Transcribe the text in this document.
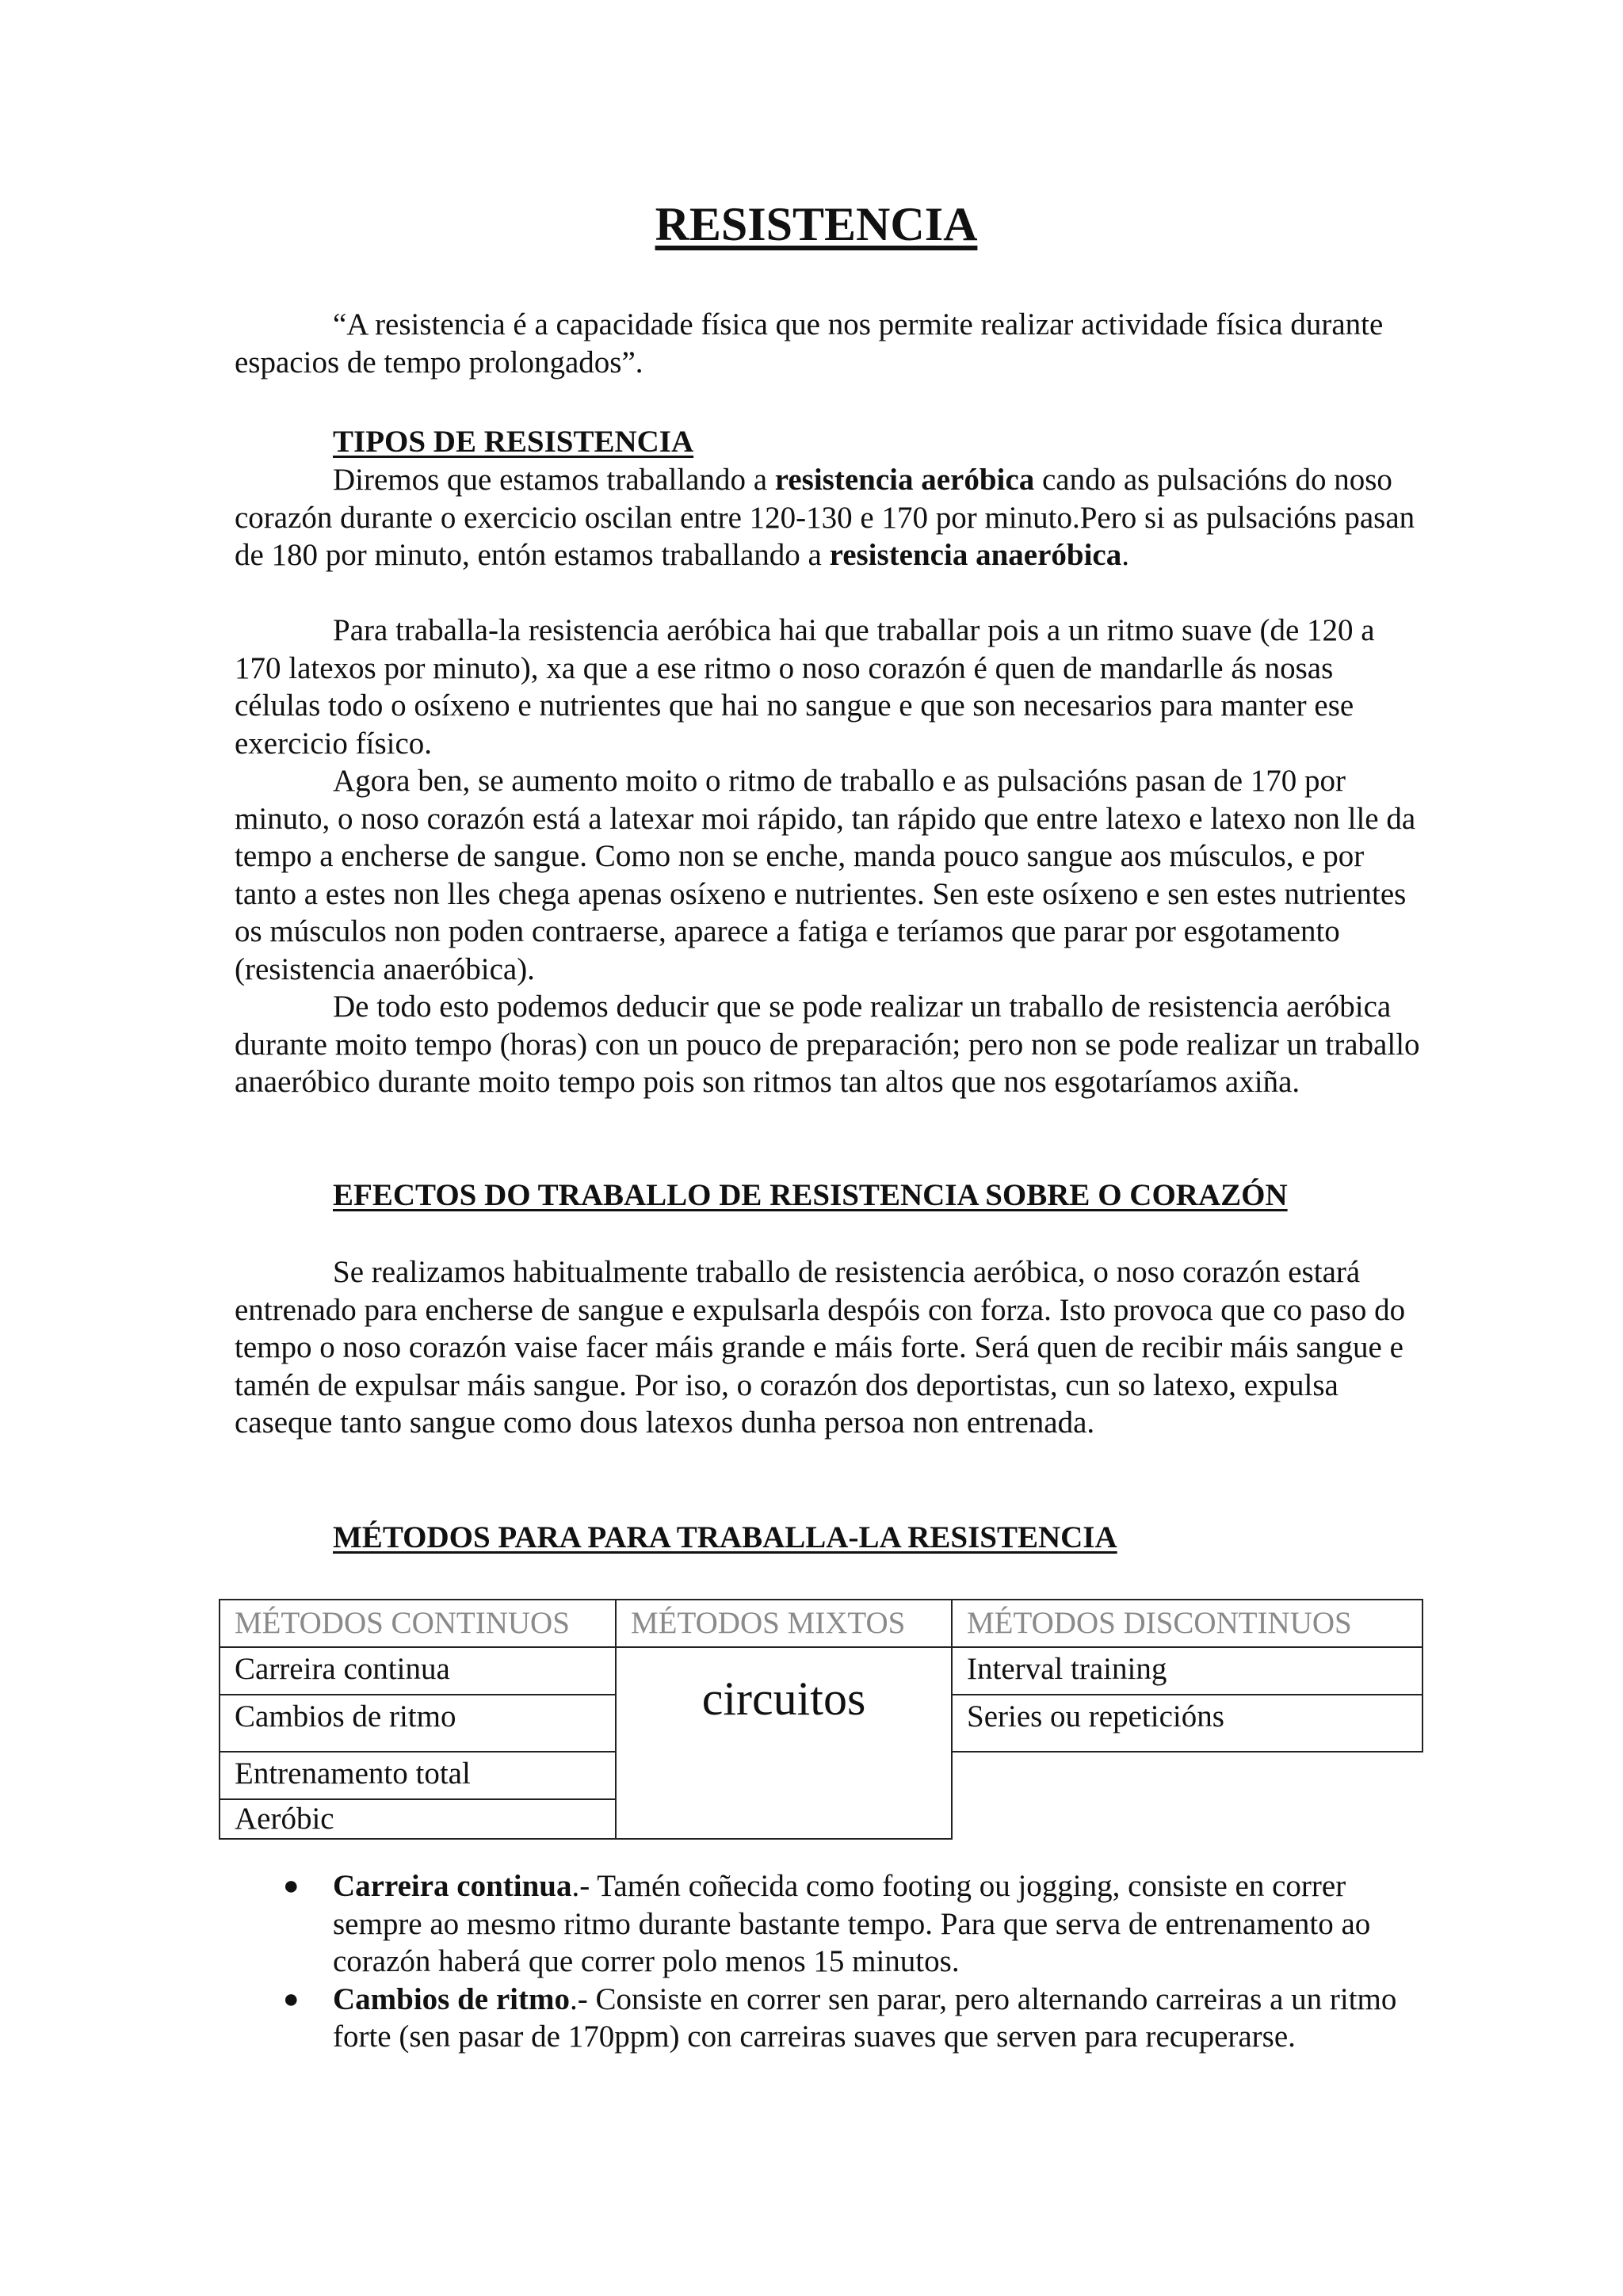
RESISTENCIA

“A resistencia é a capacidade física que nos permite realizar actividade física durante espacios de tempo prolongados”.

TIPOS DE RESISTENCIA

Diremos que estamos traballando a resistencia aeróbica cando as pulsacións do noso corazón durante o exercicio oscilan entre 120-130 e 170 por minuto.Pero si as pulsacións pasan de 180 por minuto, entón estamos traballando a resistencia anaeróbica.

Para traballa-la resistencia aeróbica hai que traballar pois a un ritmo suave (de 120 a 170 latexos por minuto), xa que a ese ritmo o noso corazón é quen de mandarlle ás nosas células todo o osíxeno e nutrientes que hai no sangue e que son necesarios para manter ese exercicio físico.

Agora ben, se aumento moito o ritmo de traballo e as pulsacións pasan de 170 por minuto, o noso corazón está a latexar moi rápido, tan rápido que entre latexo e latexo non lle da tempo a encherse de sangue. Como non se enche, manda pouco sangue aos músculos, e por tanto a estes non lles chega apenas osíxeno e nutrientes. Sen este osíxeno e sen estes nutrientes os músculos non poden contraerse, aparece a fatiga e teríamos que parar por esgotamento (resistencia anaeróbica).

De todo esto podemos deducir que se pode realizar un traballo de resistencia aeróbica durante moito tempo (horas) con un pouco de preparación; pero non se pode realizar un traballo anaeróbico durante moito tempo pois son ritmos tan altos que nos esgotaríamos axiña.

EFECTOS DO TRABALLO DE RESISTENCIA SOBRE O CORAZÓN

Se realizamos habitualmente traballo de resistencia aeróbica, o noso corazón estará entrenado para encherse de sangue e expulsarla despóis con forza. Isto provoca que co paso do tempo o noso corazón vaise facer máis grande e máis forte. Será quen de recibir máis sangue e tamén de expulsar máis sangue. Por iso, o corazón dos deportistas, cun so latexo, expulsa caseque tanto sangue como dous latexos dunha persoa non entrenada.

MÉTODOS PARA PARA TRABALLA-LA RESISTENCIA

MÉTODOS CONTINUOS	MÉTODOS MIXTOS	MÉTODOS DISCONTINUOS
Carreira continua	circuitos	Interval training
Cambios de ritmo		Series ou repeticións
Entrenamento total		
Aeróbic		
● Carreira continua.- Tamén coñecida como footing ou jogging, consiste en correr sempre ao mesmo ritmo durante bastante tempo. Para que serva de entrenamento ao corazón haberá que correr polo menos 15 minutos.
● Cambios de ritmo.- Consiste en correr sen parar, pero alternando carreiras a un ritmo forte (sen pasar de 170ppm) con carreiras suaves que serven para recuperarse.
